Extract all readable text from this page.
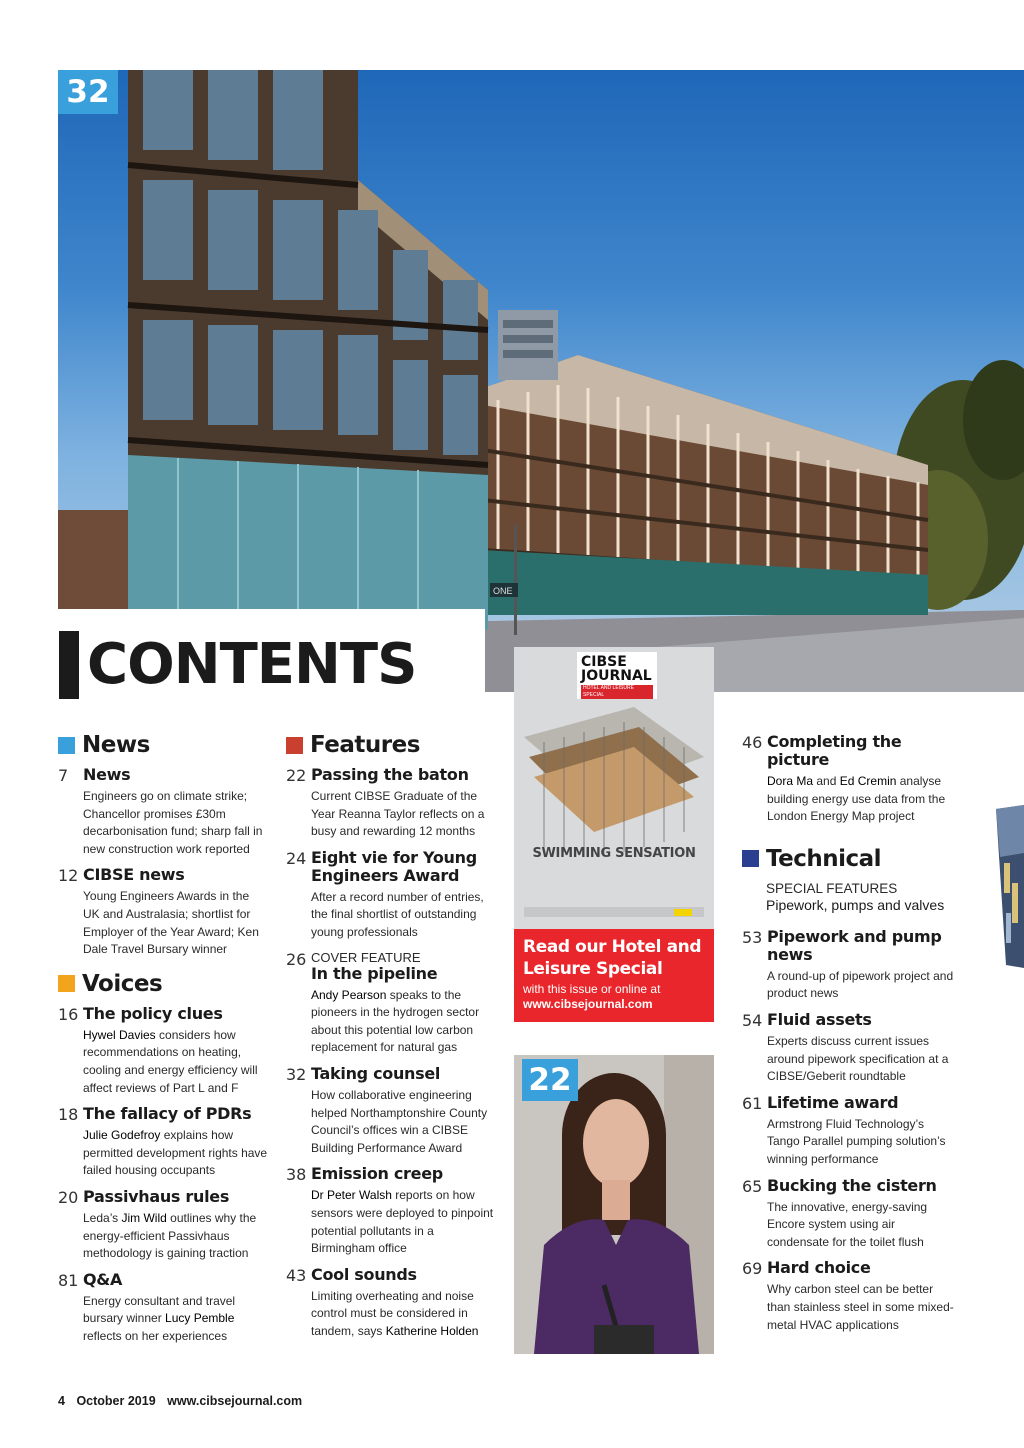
ONE
32
CONTENTS
News
7 News
Engineers go on climate strike; Chancellor promises £30m decarbonisation fund; sharp fall in new construction work reported
12 CIBSE news
Young Engineers Awards in the UK and Australasia; shortlist for Employer of the Year Award; Ken Dale Travel Bursary winner
Voices
16 The policy clues
Hywel Davies considers how recommendations on heating, cooling and energy efficiency will affect reviews of Part L and F
18 The fallacy of PDRs
Julie Godefroy explains how permitted development rights have failed housing occupants
20 Passivhaus rules
Leda’s Jim Wild outlines why the energy-efficient Passivhaus methodology is gaining traction
81 Q&A
Energy consultant and travel bursary winner Lucy Pemble reflects on her experiences
Features
22 Passing the baton
Current CIBSE Graduate of the Year Reanna Taylor reflects on a busy and rewarding 12 months
24 Eight vie for Young Engineers Award
After a record number of entries, the final shortlist of outstanding young professionals
26 COVER FEATURE
In the pipeline
Andy Pearson speaks to the pioneers in the hydrogen sector about this potential low carbon replacement for natural gas
32 Taking counsel
How collaborative engineering helped Northamptonshire County Council’s offices win a CIBSE Building Performance Award
38 Emission creep
Dr Peter Walsh reports on how sensors were deployed to pinpoint potential pollutants in a Birmingham office
43 Cool sounds
Limiting overheating and noise control must be considered in tandem, says Katherine Holden
CIBSE
JOURNAL
HOTEL AND LEISURE SPECIAL
SWIMMING SENSATION
Read our Hotel and Leisure Special
with this issue or online at
www.cibsejournal.com
22
46 Completing the picture
Dora Ma and Ed Cremin analyse building energy use data from the London Energy Map project
Technical
SPECIAL FEATURES
Pipework, pumps and valves
53 Pipework and pump news
A round-up of pipework project and product news
54 Fluid assets
Experts discuss current issues around pipework specification at a CIBSE/Geberit roundtable
61 Lifetime award
Armstrong Fluid Technology’s Tango Parallel pumping solution’s winning performance
65 Bucking the cistern
The innovative, energy-saving Encore system using air condensate for the toilet flush
69 Hard choice
Why carbon steel can be better than stainless steel in some mixed-metal HVAC applications
4 October 2019 www.cibsejournal.com
